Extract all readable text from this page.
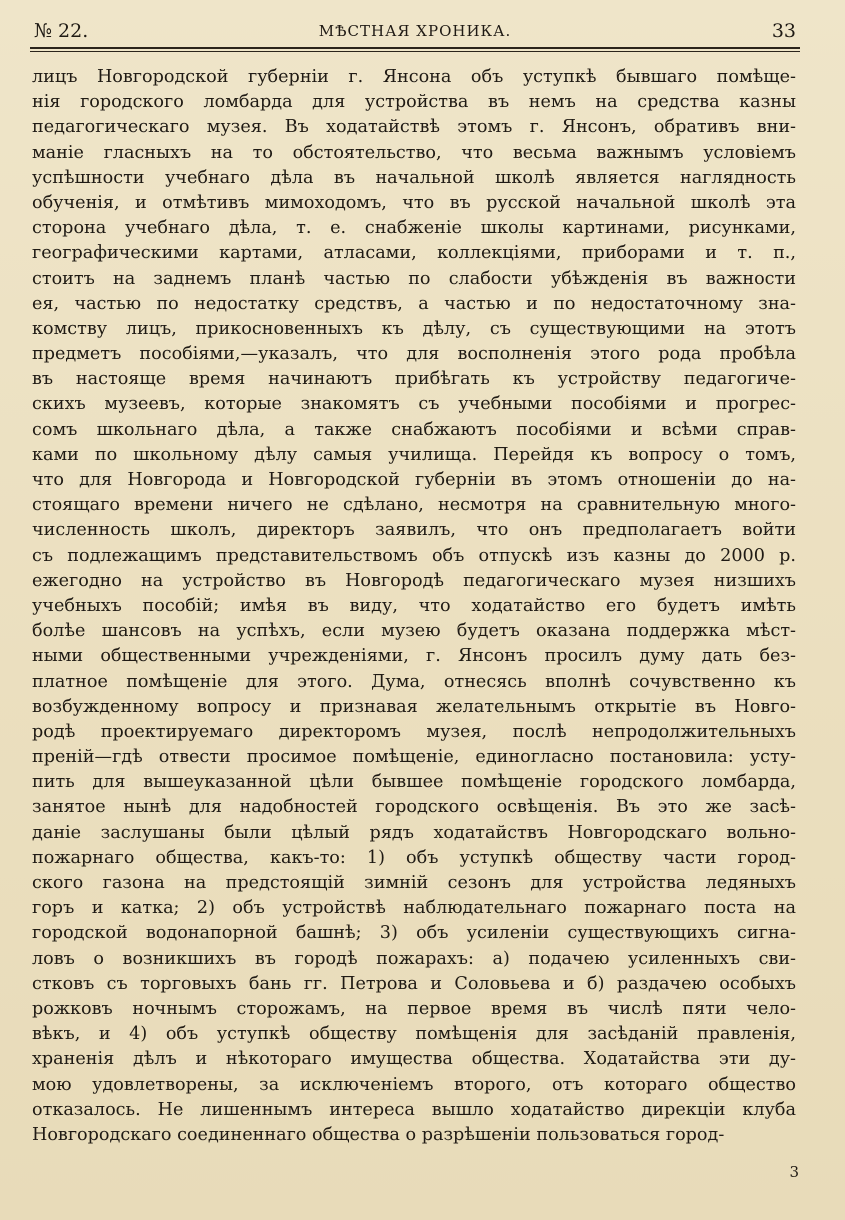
№ 22.	МѢСТНАЯ ХРОНИКА.	33
лицъ Новгородской губерніи г. Янсона объ уступкѣ бывшаго помѣще-
нія городского ломбарда для устройства въ немъ на средства казны
педагогическаго музея. Въ ходатайствѣ этомъ г. Янсонъ, обративъ вни-
маніе гласныхъ на то обстоятельство, что весьма важнымъ условіемъ
успѣшности учебнаго дѣла въ начальной школѣ является наглядность
обученія, и отмѣтивъ мимоходомъ, что въ русской начальной школѣ эта
сторона учебнаго дѣла, т. е. снабженіе школы картинами, рисунками,
географическими картами, атласами, коллекціями, приборами и т. п.,
стоитъ на заднемъ планѣ частью по слабости убѣжденія въ важности
ея, частью по недостатку средствъ, а частью и по недостаточному зна-
комству лицъ, прикосновенныхъ къ дѣлу, съ существующими на этотъ
предметъ пособіями,—указалъ, что для восполненія этого рода пробѣла
въ настояще время начинаютъ прибѣгать къ устройству педагогиче-
скихъ музеевъ, которые знакомятъ съ учебными пособіями и прогрес-
сомъ школьнаго дѣла, а также снабжаютъ пособіями и всѣми справ-
ками по школьному дѣлу самыя училища. Перейдя къ вопросу о томъ,
что для Новгорода и Новгородской губерніи въ этомъ отношеніи до на-
стоящаго времени ничего не сдѣлано, несмотря на сравнительную много-
численность школъ, директоръ заявилъ, что онъ предполагаетъ войти
съ подлежащимъ представительствомъ объ отпускѣ изъ казны до 2000 р.
ежегодно на устройство въ Новгородѣ педагогическаго музея низшихъ
учебныхъ пособій; имѣя въ виду, что ходатайство его будетъ имѣть
болѣе шансовъ на успѣхъ, если музею будетъ оказана поддержка мѣст-
ными общественными учрежденіями, г. Янсонъ просилъ думу дать без-
платное помѣщеніе для этого. Дума, отнесясь вполнѣ сочувственно къ
возбужденному вопросу и признавая желательнымъ открытіе въ Новго-
родѣ проектируемаго директоромъ музея, послѣ непродолжительныхъ
преній—гдѣ отвести просимое помѣщеніе, единогласно постановила: усту-
пить для вышеуказанной цѣли бывшее помѣщеніе городского ломбарда,
занятое нынѣ для надобностей городского освѣщенія. Въ это же засѣ-
даніе заслушаны были цѣлый рядъ ходатайствъ Новгородскаго вольно-
пожарнаго общества, какъ-то: 1) объ уступкѣ обществу части город-
ского газона на предстоящій зимній сезонъ для устройства ледяныхъ
горъ и катка; 2) объ устройствѣ наблюдательнаго пожарнаго поста на
городской водонапорной башнѣ; 3) объ усиленіи существующихъ сигна-
ловъ о возникшихъ въ городѣ пожарахъ: а) подачею усиленныхъ сви-
стковъ съ торговыхъ бань гг. Петрова и Соловьева и б) раздачею особыхъ
рожковъ ночнымъ сторожамъ, на первое время въ числѣ пяти чело-
вѣкъ, и 4) объ уступкѣ обществу помѣщенія для засѣданій правленія,
храненія дѣлъ и нѣкотораго имущества общества. Ходатайства эти ду-
мою удовлетворены, за исключеніемъ второго, отъ котораго общество
отказалось. Не лишеннымъ интереса вышло ходатайство дирекціи клуба
Новгородскаго соединеннаго общества о разрѣшеніи пользоваться город-
3
